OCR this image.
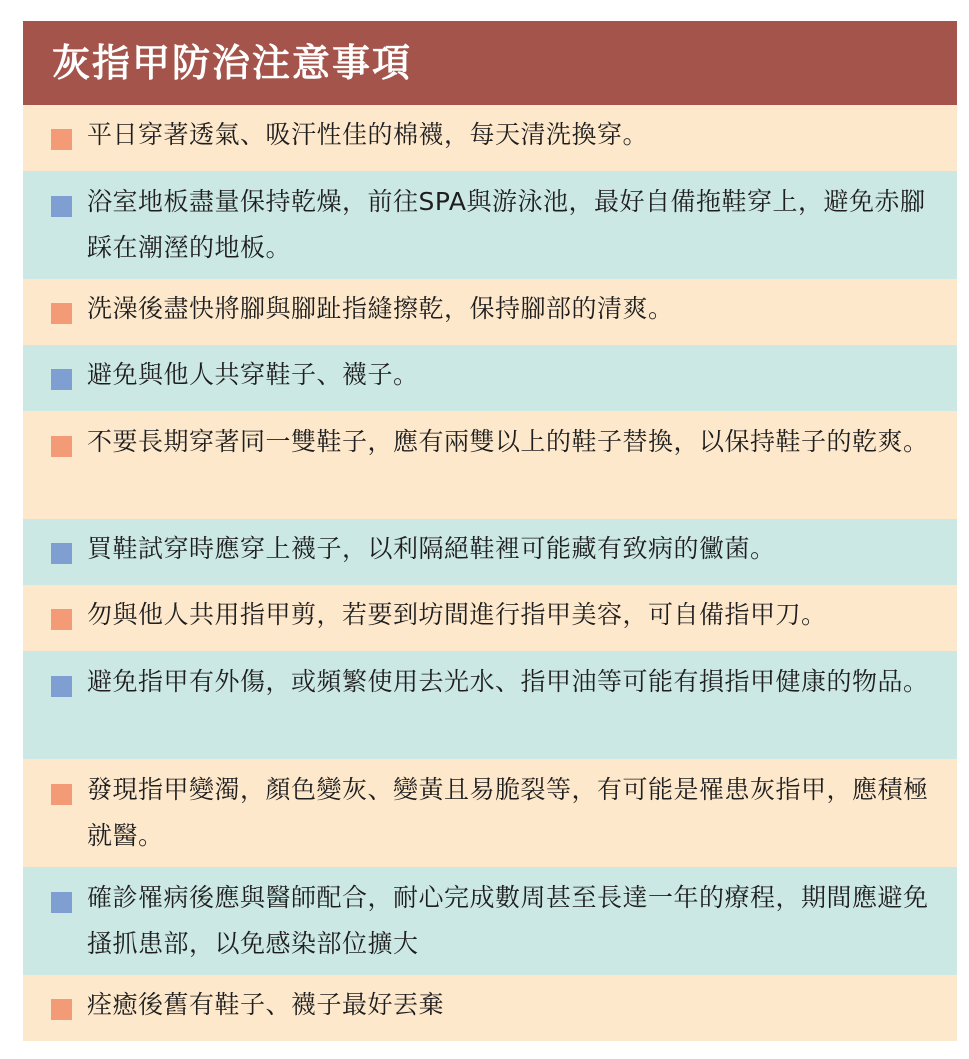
灰指甲防治注意事項
平日穿著透氣、吸汗性佳的棉襪，每天清洗換穿。
浴室地板盡量保持乾燥，前往SPA與游泳池，最好自備拖鞋穿上，避免赤腳踩在潮溼的地板。
洗澡後盡快將腳與腳趾指縫擦乾，保持腳部的清爽。
避免與他人共穿鞋子、襪子。
不要長期穿著同一雙鞋子，應有兩雙以上的鞋子替換，以保持鞋子的乾爽。
買鞋試穿時應穿上襪子，以利隔絕鞋裡可能藏有致病的黴菌。
勿與他人共用指甲剪，若要到坊間進行指甲美容，可自備指甲刀。
避免指甲有外傷，或頻繁使用去光水、指甲油等可能有損指甲健康的物品。
發現指甲變濁，顏色變灰、變黃且易脆裂等，有可能是罹患灰指甲，應積極就醫。
確診罹病後應與醫師配合，耐心完成數周甚至長達一年的療程，期間應避免搔抓患部，以免感染部位擴大
痊癒後舊有鞋子、襪子最好丟棄
